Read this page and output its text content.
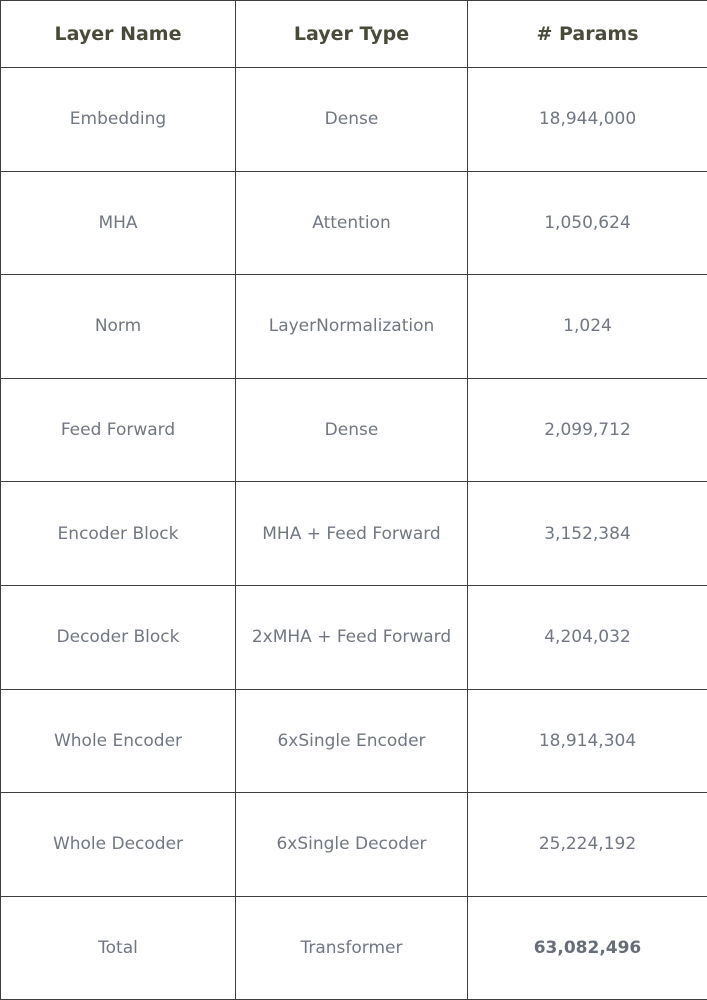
Layer Name	Layer Type	# Params
Embedding	Dense	18,944,000
MHA	Attention	1,050,624
Norm	LayerNormalization	1,024
Feed Forward	Dense	2,099,712
Encoder Block	MHA + Feed Forward	3,152,384
Decoder Block	2xMHA + Feed Forward	4,204,032
Whole Encoder	6xSingle Encoder	18,914,304
Whole Decoder	6xSingle Decoder	25,224,192
Total	Transformer	63,082,496
